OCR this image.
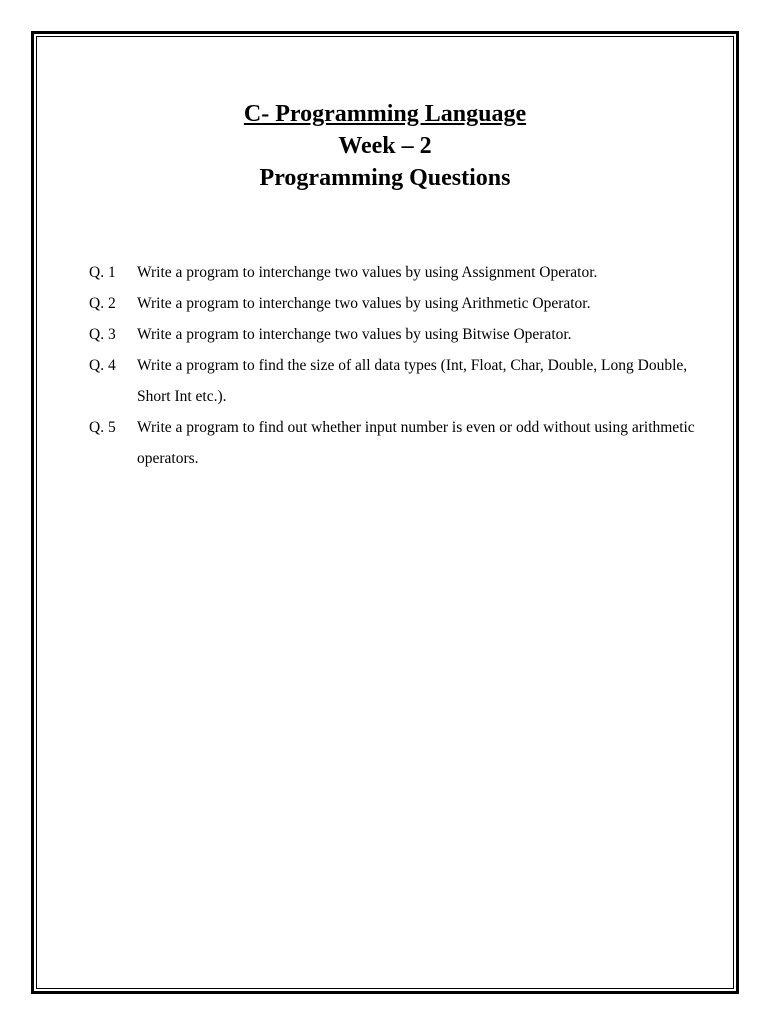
C- Programming Language
Week – 2
Programming Questions
Q. 1	Write a program to interchange two values by using Assignment Operator.
Q. 2	Write a program to interchange two values by using Arithmetic Operator.
Q. 3	Write a program to interchange two values by using Bitwise Operator.
Q. 4	Write a program to find the size of all data types (Int, Float, Char, Double, Long Double, Short Int etc.).
Q. 5	Write a program to find out whether input number is even or odd without using arithmetic operators.
